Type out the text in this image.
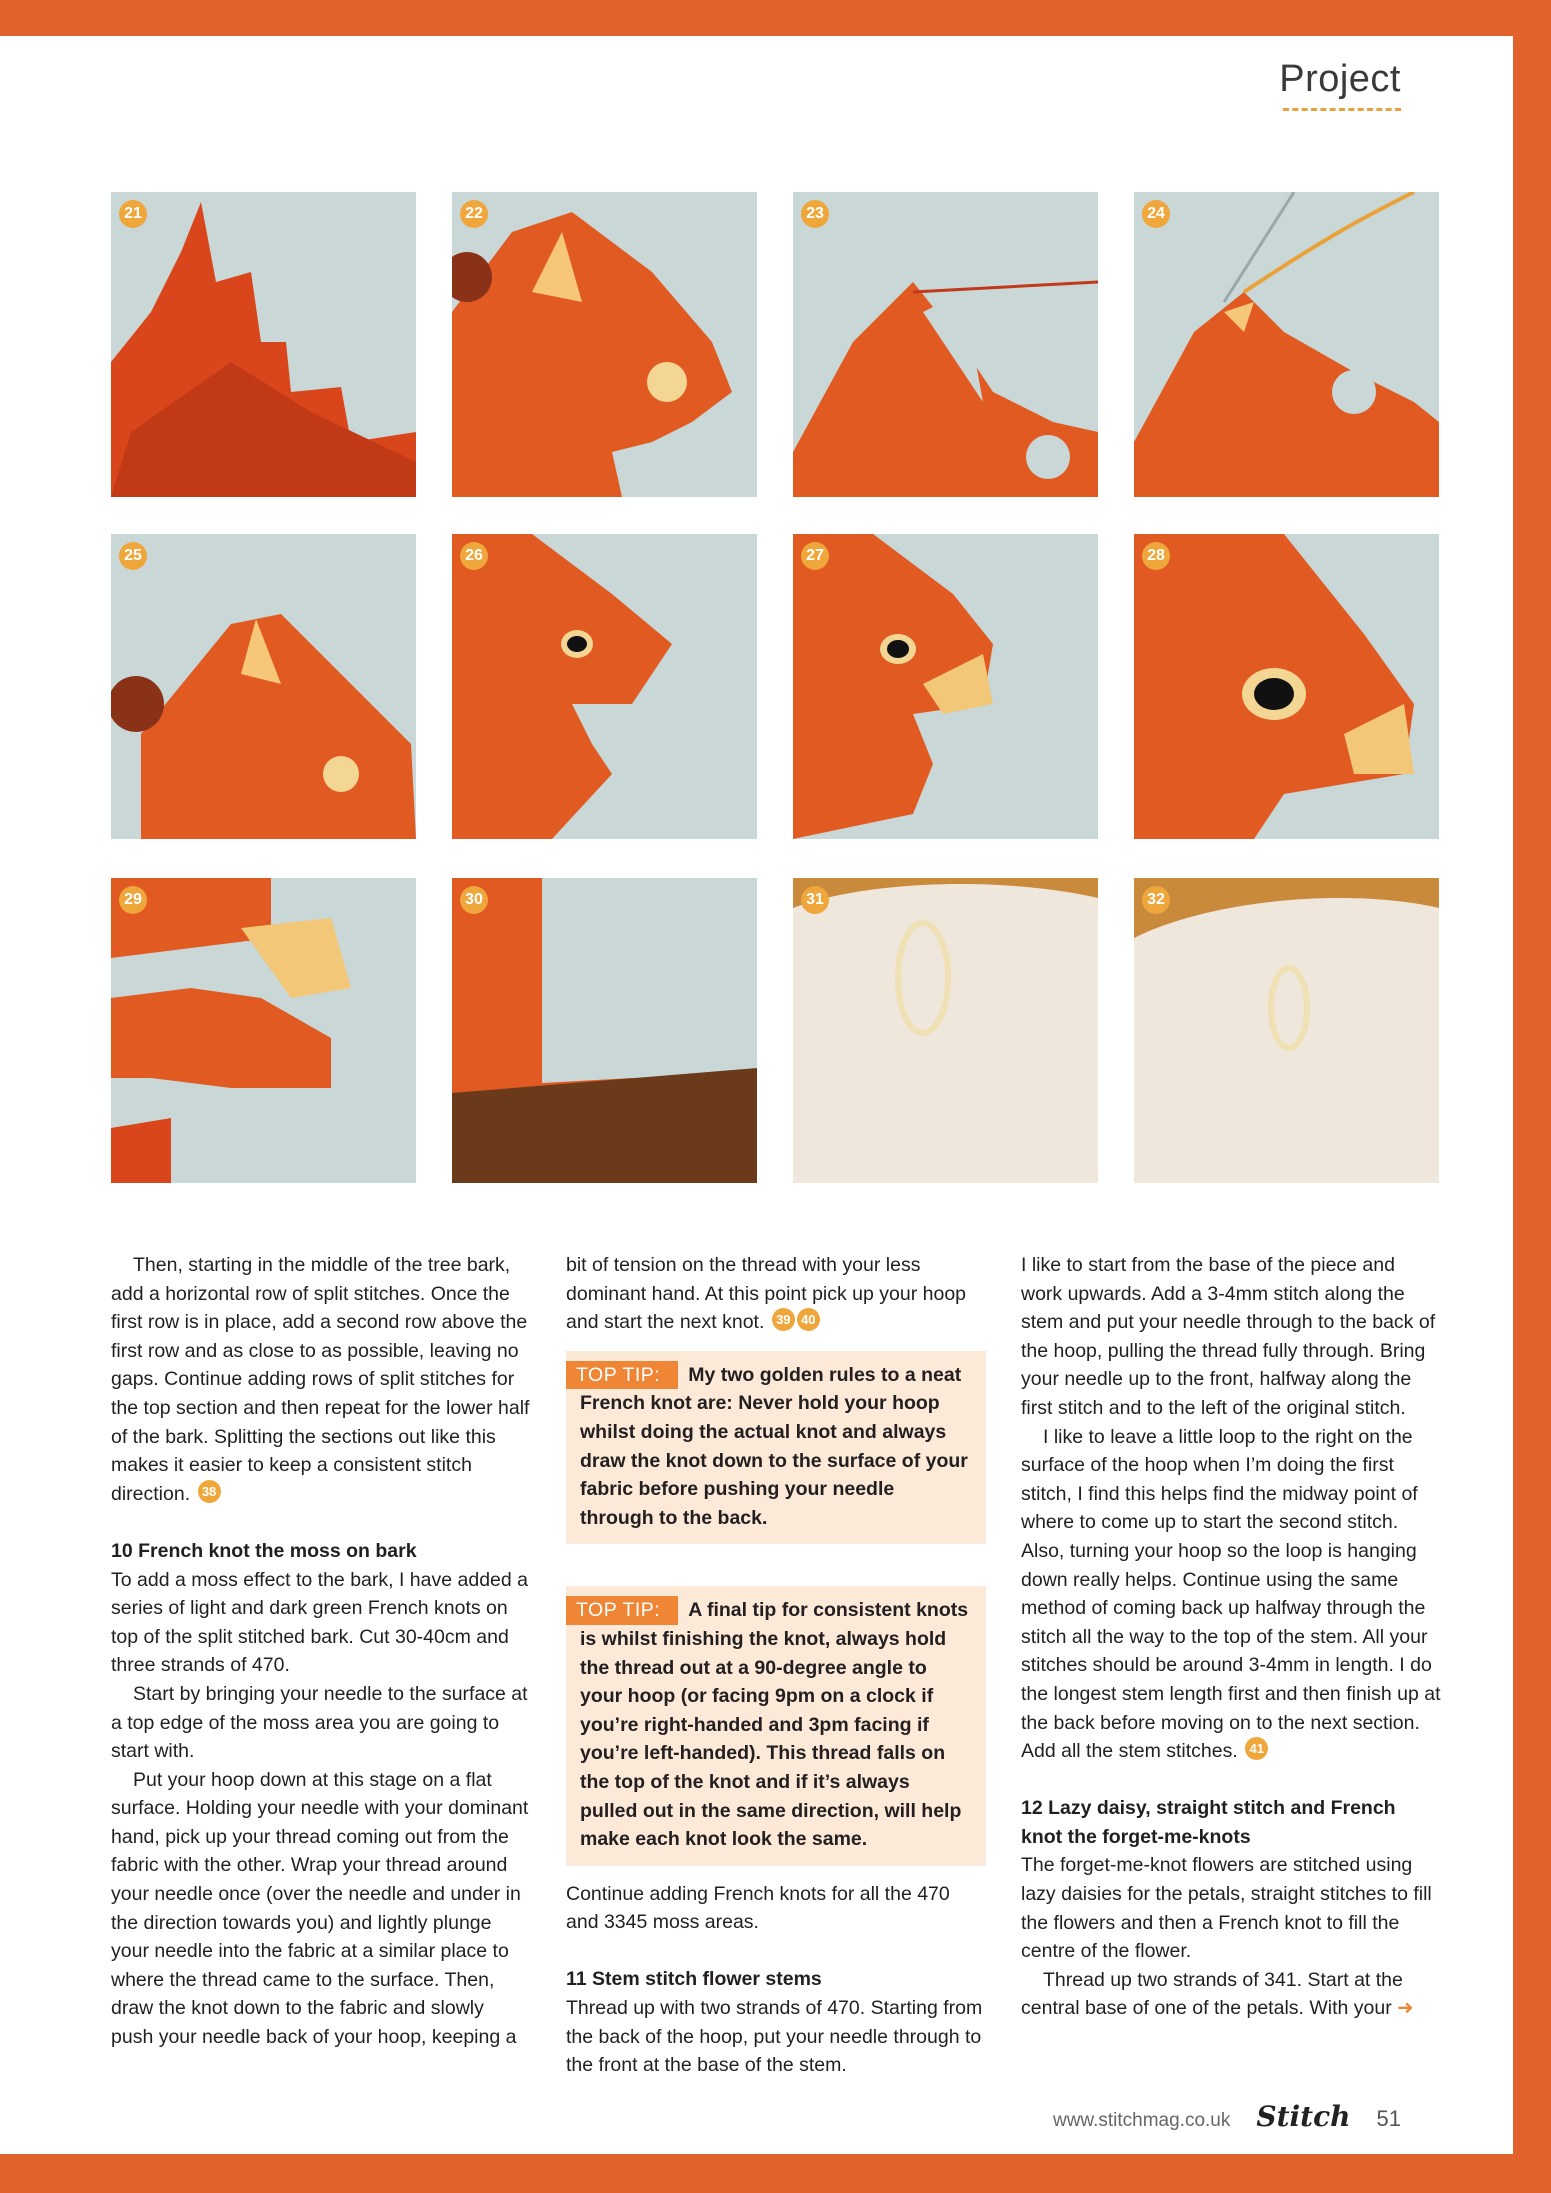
Project
21	22	23	24
25	26	27	28
29	30	31	32

Then, starting in the middle of the tree bark, add a horizontal row of split stitches. Once the first row is in place, add a second row above the first row and as close to as possible, leaving no gaps. Continue adding rows of split stitches for the top section and then repeat for the lower half of the bark. Splitting the sections out like this makes it easier to keep a consistent stitch direction. 38

10 French knot the moss on bark

To add a moss effect to the bark, I have added a series of light and dark green French knots on top of the split stitched bark. Cut 30-40cm and three strands of 470.

Start by bringing your needle to the surface at a top edge of the moss area you are going to start with.

Put your hoop down at this stage on a flat surface. Holding your needle with your dominant hand, pick up your thread coming out from the fabric with the other. Wrap your thread around your needle once (over the needle and under in the direction towards you) and lightly plunge your needle into the fabric at a similar place to where the thread came to the surface. Then, draw the knot down to the fabric and slowly push your needle back of your hoop, keeping a

bit of tension on the thread with your less dominant hand. At this point pick up your hoop and start the next knot. 39 40

TOP TIP: My two golden rules to a neat French knot are: Never hold your hoop whilst doing the actual knot and always draw the knot down to the surface of your fabric before pushing your needle through to the back.
TOP TIP: A final tip for consistent knots is whilst finishing the knot, always hold the thread out at a 90-degree angle to your hoop (or facing 9pm on a clock if you’re right-handed and 3pm facing if you’re left-handed). This thread falls on the top of the knot and if it’s always pulled out in the same direction, will help make each knot look the same.

Continue adding French knots for all the 470 and 3345 moss areas.

11 Stem stitch flower stems

Thread up with two strands of 470. Starting from the back of the hoop, put your needle through to the front at the base of the stem.

I like to start from the base of the piece and work upwards. Add a 3-4mm stitch along the stem and put your needle through to the back of the hoop, pulling the thread fully through. Bring your needle up to the front, halfway along the first stitch and to the left of the original stitch.

I like to leave a little loop to the right on the surface of the hoop when I’m doing the first stitch, I find this helps find the midway point of where to come up to start the second stitch. Also, turning your hoop so the loop is hanging down really helps. Continue using the same method of coming back up halfway through the stitch all the way to the top of the stem. All your stitches should be around 3-4mm in length. I do the longest stem length first and then finish up at the back before moving on to the next section. Add all the stem stitches. 41

12 Lazy daisy, straight stitch and French
knot the forget-me-knots

The forget-me-knot flowers are stitched using lazy daisies for the petals, straight stitches to fill the flowers and then a French knot to fill the centre of the flower.

Thread up two strands of 341. Start at the central base of one of the petals. With your ➜

www.stitchmag.co.uk Stitch 51
